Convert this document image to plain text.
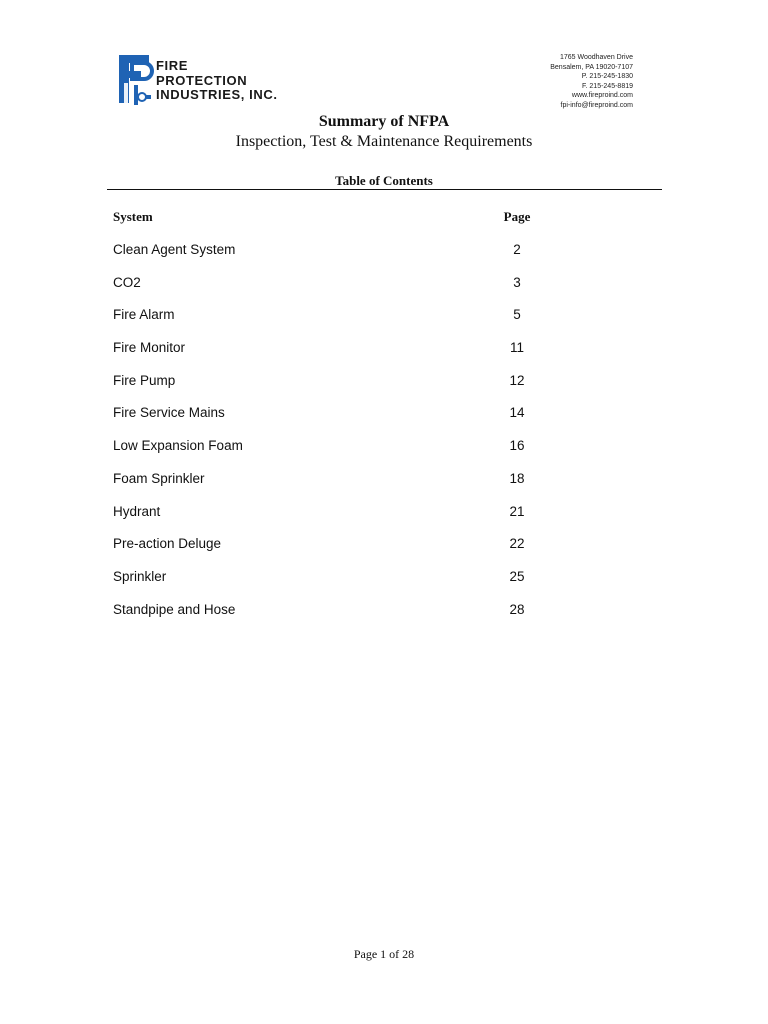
FIRE
PROTECTION
INDUSTRIES, INC.
1765 Woodhaven Drive
Bensalem, PA 19020-7107
P. 215-245-1830
F. 215-245-8819
www.fireproind.com
fpi-info@fireproind.com
Summary of NFPA
Inspection, Test & Maintenance Requirements
Table of Contents
System	Page
Clean Agent System	2
CO2	3
Fire Alarm	5
Fire Monitor	11
Fire Pump	12
Fire Service Mains	14
Low Expansion Foam	16
Foam Sprinkler	18
Hydrant	21
Pre-action Deluge	22
Sprinkler	25
Standpipe and Hose	28
Page 1 of 28
